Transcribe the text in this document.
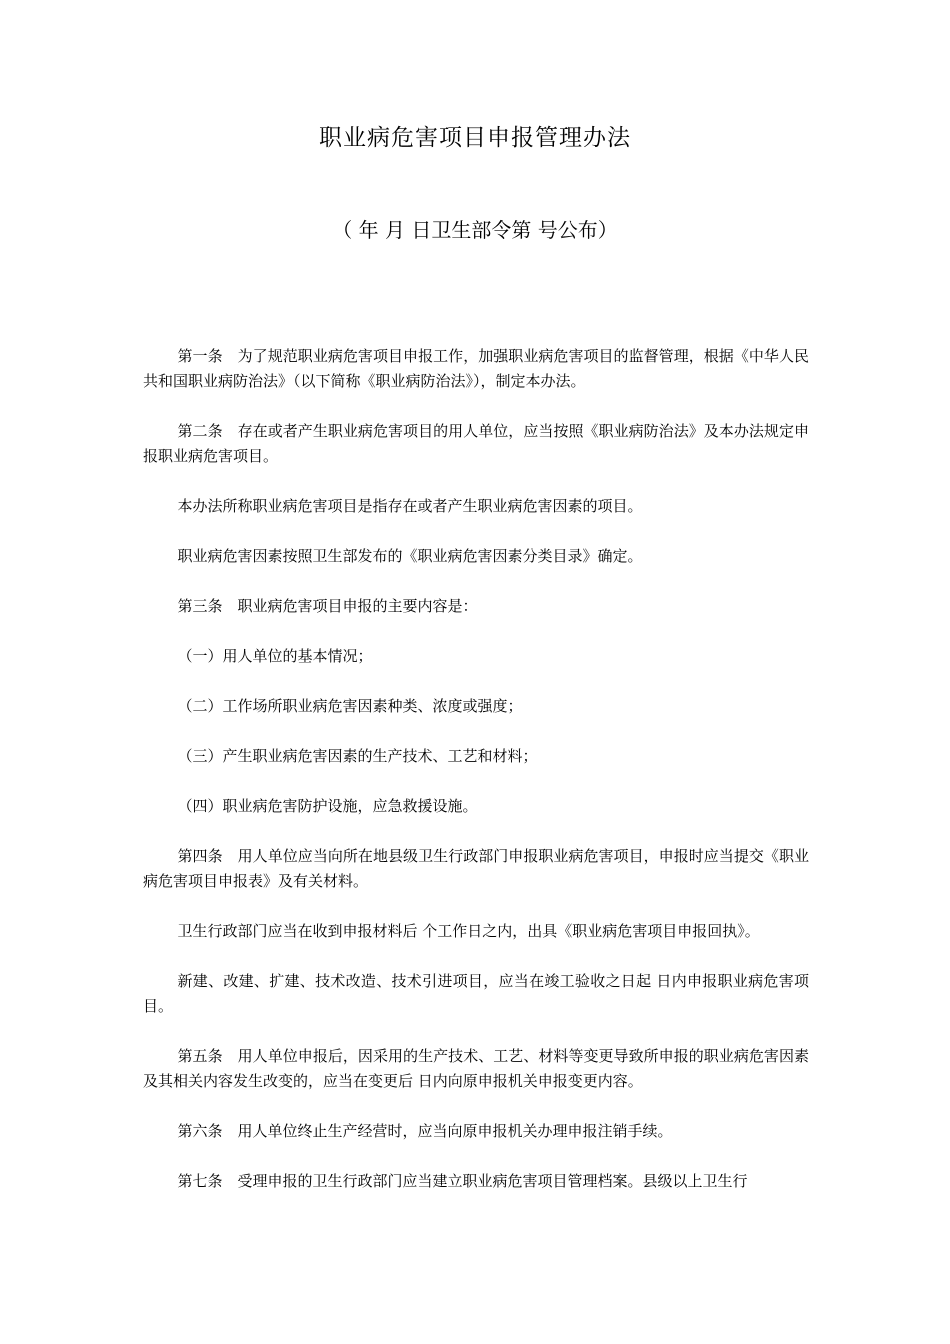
职业病危害项目申报管理办法
（ 年 月 日卫生部令第 号公布）

第一条　为了规范职业病危害项目申报工作，加强职业病危害项目的监督管理，根据《中华人民共和国职业病防治法》（以下简称《职业病防治法》），制定本办法。

第二条　存在或者产生职业病危害项目的用人单位，应当按照《职业病防治法》及本办法规定申报职业病危害项目。

本办法所称职业病危害项目是指存在或者产生职业病危害因素的项目。

职业病危害因素按照卫生部发布的《职业病危害因素分类目录》确定。

第三条　职业病危害项目申报的主要内容是：

（一）用人单位的基本情况；

（二）工作场所职业病危害因素种类、浓度或强度；

（三）产生职业病危害因素的生产技术、工艺和材料；

（四）职业病危害防护设施，应急救援设施。

第四条　用人单位应当向所在地县级卫生行政部门申报职业病危害项目，申报时应当提交《职业病危害项目申报表》及有关材料。

卫生行政部门应当在收到申报材料后 个工作日之内，出具《职业病危害项目申报回执》。

新建、改建、扩建、技术改造、技术引进项目，应当在竣工验收之日起 日内申报职业病危害项目。

第五条　用人单位申报后，因采用的生产技术、工艺、材料等变更导致所申报的职业病危害因素及其相关内容发生改变的，应当在变更后 日内向原申报机关申报变更内容。

第六条　用人单位终止生产经营时，应当向原申报机关办理申报注销手续。

第七条　受理申报的卫生行政部门应当建立职业病危害项目管理档案。县级以上卫生行
